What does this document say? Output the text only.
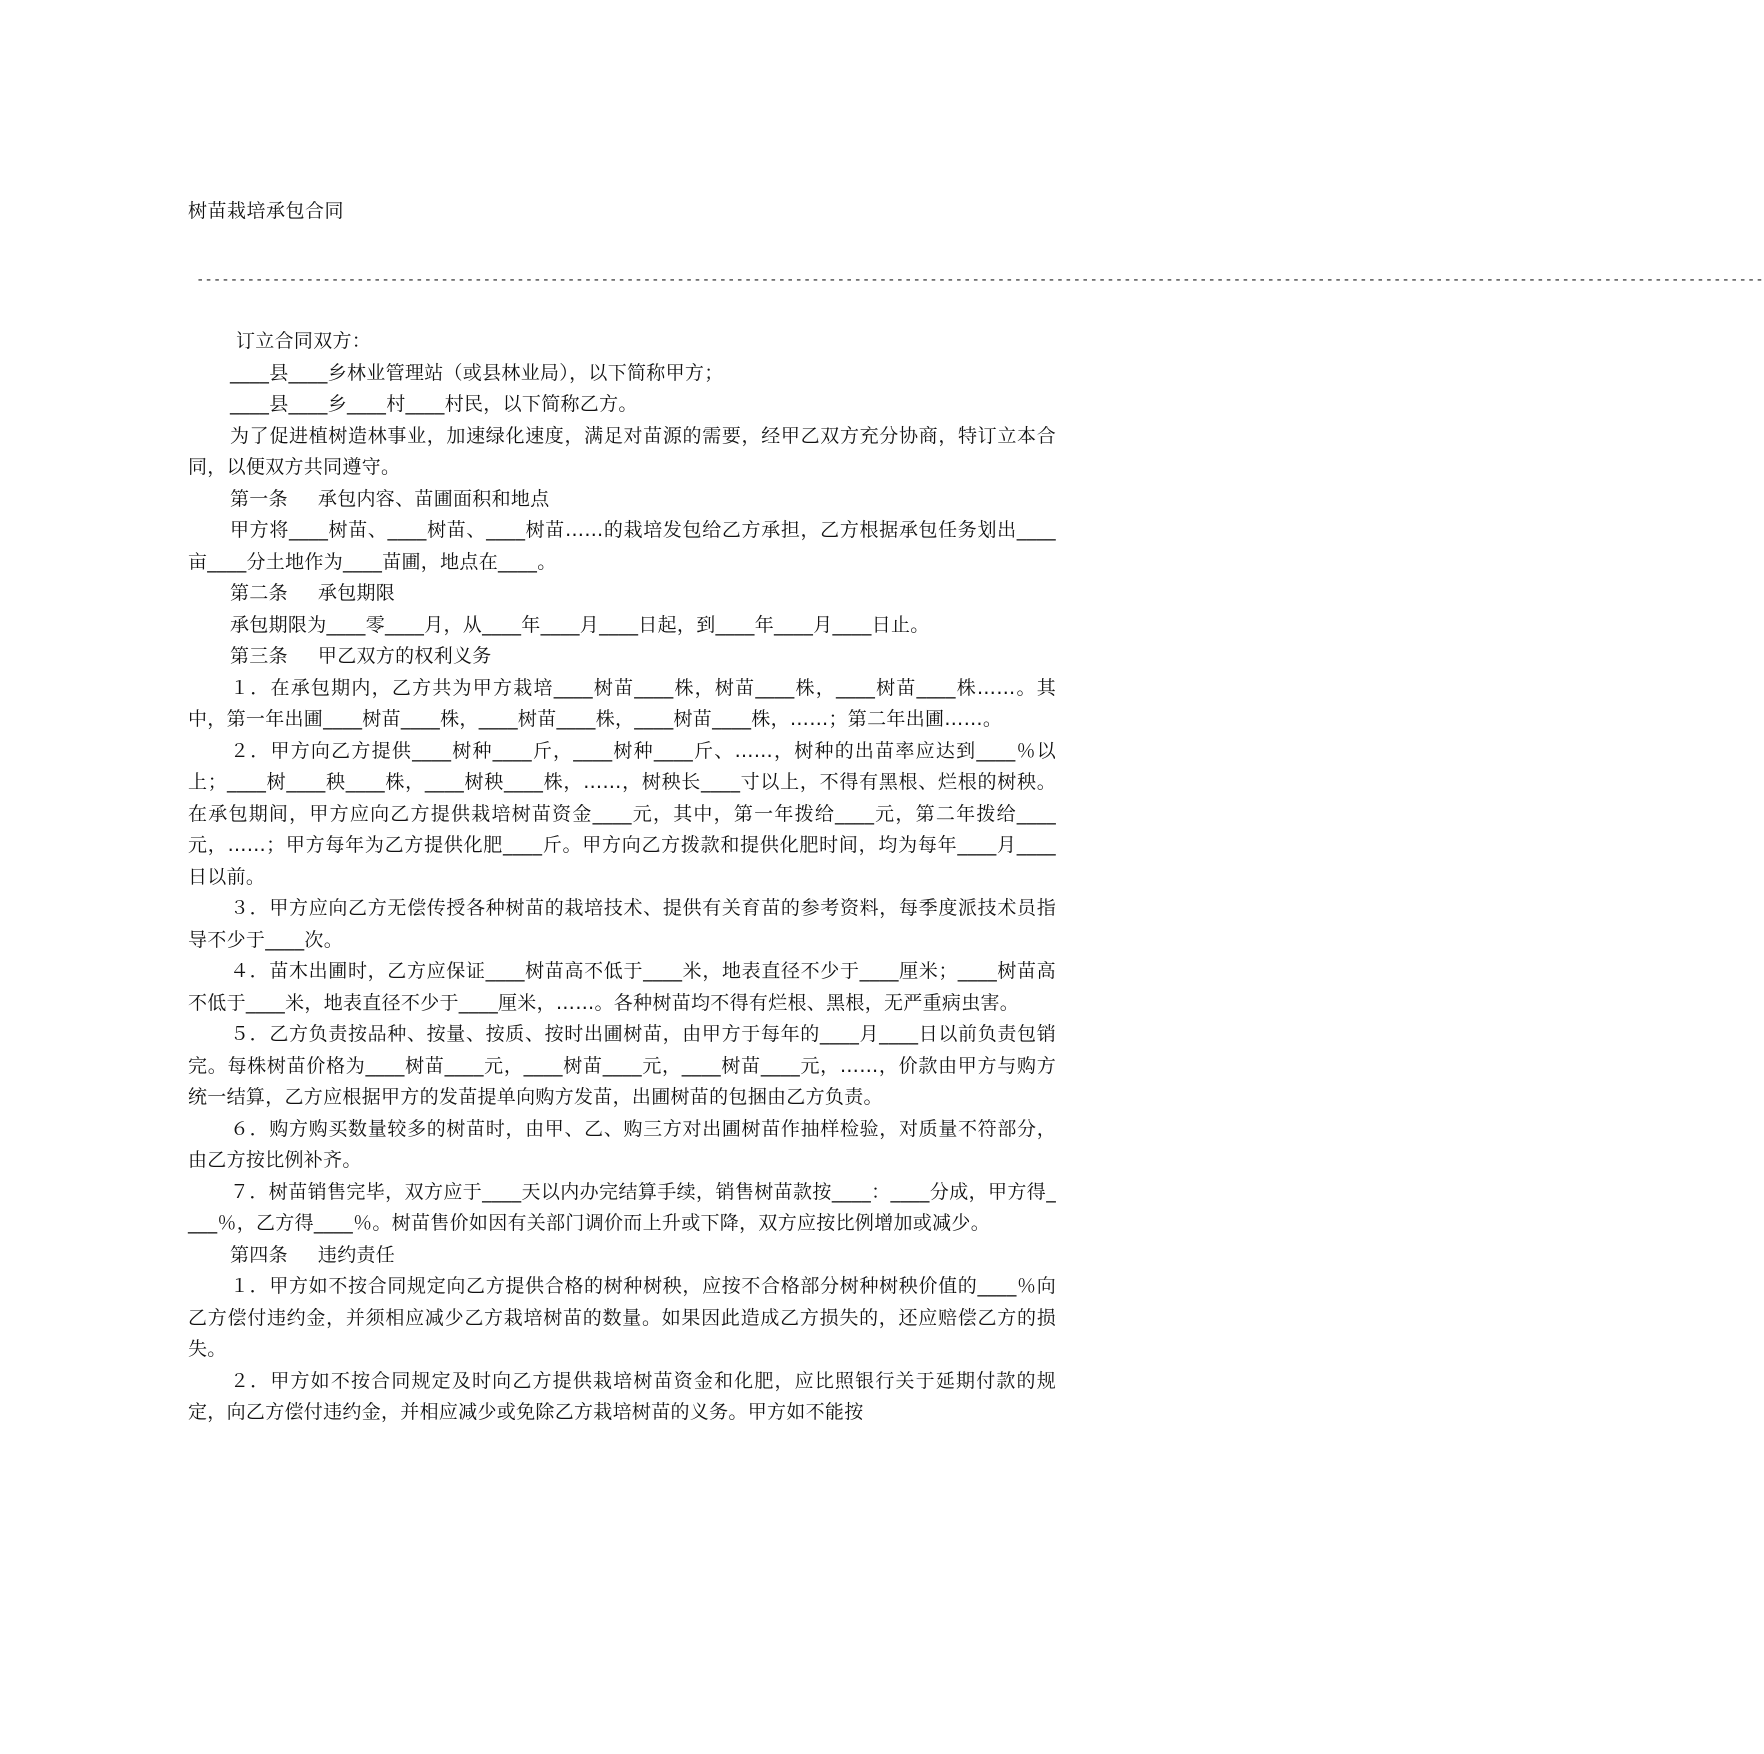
树苗栽培承包合同
------------------------------------------------------------------------------------------------------------------------------------------------------------------------------------------

订立合同双方：

____县____乡林业管理站（或县林业局），以下简称甲方；

____县____乡____村____村民，以下简称乙方。

为了促进植树造林事业，加速绿化速度，满足对苗源的需要，经甲乙双方充分协商，特订立本合同，以便双方共同遵守。

第一条 承包内容、苗圃面积和地点

甲方将____树苗、____树苗、____树苗……的栽培发包给乙方承担，乙方根据承包任务划出____亩____分土地作为____苗圃，地点在____。

第二条 承包期限

承包期限为____零____月，从____年____月____日起，到____年____月____日止。

第三条 甲乙双方的权利义务

１．在承包期内，乙方共为甲方栽培____树苗____株，树苗____株，____树苗____株……。其中，第一年出圃____树苗____株，____树苗____株，____树苗____株，……；第二年出圃……。

２．甲方向乙方提供____树种____斤，____树种____斤、……，树种的出苗率应达到____％以上；____树____秧____株，____树秧____株，……，树秧长____寸以上，不得有黑根、烂根的树秧。在承包期间，甲方应向乙方提供栽培树苗资金____元，其中，第一年拨给____元，第二年拨给____元，……；甲方每年为乙方提供化肥____斤。甲方向乙方拨款和提供化肥时间，均为每年____月____日以前。

３．甲方应向乙方无偿传授各种树苗的栽培技术、提供有关育苗的参考资料，每季度派技术员指导不少于____次。

４．苗木出圃时，乙方应保证____树苗高不低于____米，地表直径不少于____厘米；____树苗高不低于____米，地表直径不少于____厘米，……。各种树苗均不得有烂根、黑根，无严重病虫害。

５．乙方负责按品种、按量、按质、按时出圃树苗，由甲方于每年的____月____日以前负责包销完。每株树苗价格为____树苗____元，____树苗____元，____树苗____元，……，价款由甲方与购方统一结算，乙方应根据甲方的发苗提单向购方发苗，出圃树苗的包捆由乙方负责。

６．购方购买数量较多的树苗时，由甲、乙、购三方对出圃树苗作抽样检验，对质量不符部分，由乙方按比例补齐。

７．树苗销售完毕，双方应于____天以内办完结算手续，销售树苗款按____：____分成，甲方得____％，乙方得____％。树苗售价如因有关部门调价而上升或下降，双方应按比例增加或减少。

第四条 违约责任

１．甲方如不按合同规定向乙方提供合格的树种树秧，应按不合格部分树种树秧价值的____％向乙方偿付违约金，并须相应减少乙方栽培树苗的数量。如果因此造成乙方损失的，还应赔偿乙方的损失。

２．甲方如不按合同规定及时向乙方提供栽培树苗资金和化肥，应比照银行关于延期付款的规定，向乙方偿付违约金，并相应减少或免除乙方栽培树苗的义务。甲方如不能按
